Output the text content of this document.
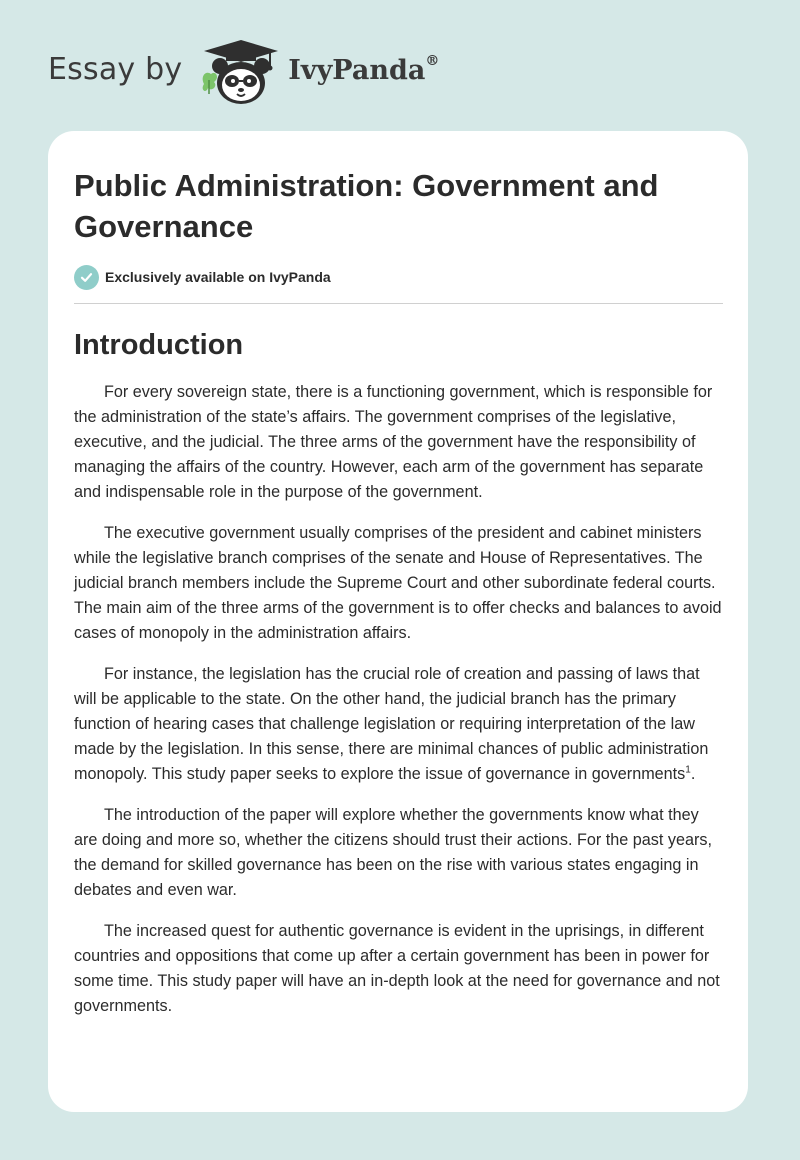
Essay by	IvyPanda®
Public Administration: Government and Governance
Exclusively available on IvyPanda
Introduction

For every sovereign state, there is a functioning government, which is responsible for the administration of the state’s affairs. The government comprises of the legislative, executive, and the judicial. The three arms of the government have the responsibility of managing the affairs of the country. However, each arm of the government has separate and indispensable role in the purpose of the government.

The executive government usually comprises of the president and cabinet ministers while the legislative branch comprises of the senate and House of Representatives. The judicial branch members include the Supreme Court and other subordinate federal courts. The main aim of the three arms of the government is to offer checks and balances to avoid cases of monopoly in the administration affairs.

For instance, the legislation has the crucial role of creation and passing of laws that will be applicable to the state. On the other hand, the judicial branch has the primary function of hearing cases that challenge legislation or requiring interpretation of the law made by the legislation. In this sense, there are minimal chances of public administration monopoly. This study paper seeks to explore the issue of governance in governments$^1$.

The introduction of the paper will explore whether the governments know what they are doing and more so, whether the citizens should trust their actions. For the past years, the demand for skilled governance has been on the rise with various states engaging in debates and even war.

The increased quest for authentic governance is evident in the uprisings, in different countries and oppositions that come up after a certain government has been in power for some time. This study paper will have an in-depth look at the need for governance and not governments.
